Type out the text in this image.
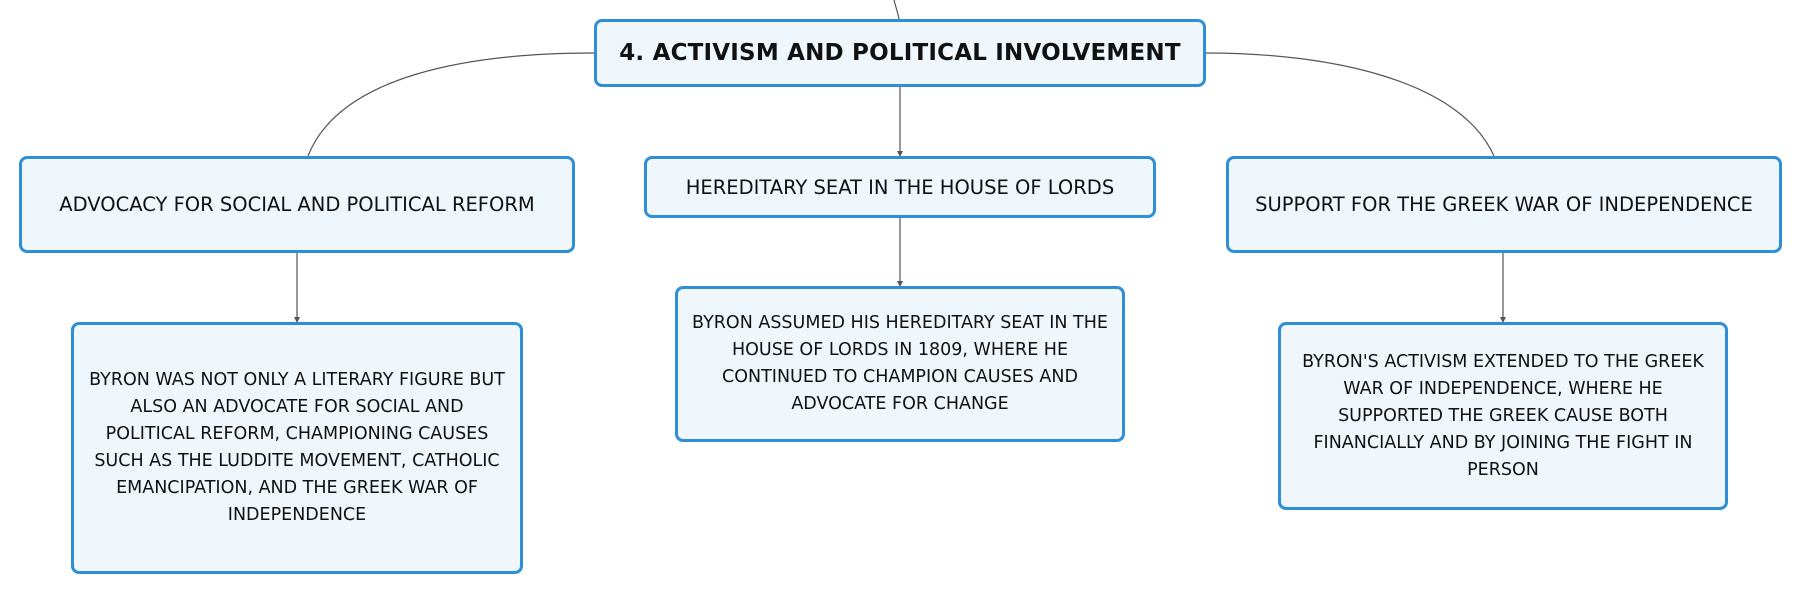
4. ACTIVISM AND POLITICAL INVOLVEMENT
ADVOCACY FOR SOCIAL AND POLITICAL REFORM
HEREDITARY SEAT IN THE HOUSE OF LORDS
SUPPORT FOR THE GREEK WAR OF INDEPENDENCE
BYRON WAS NOT ONLY A LITERARY FIGURE BUT ALSO AN ADVOCATE FOR SOCIAL AND POLITICAL REFORM, CHAMPIONING CAUSES SUCH AS THE LUDDITE MOVEMENT, CATHOLIC EMANCIPATION, AND THE GREEK WAR OF INDEPENDENCE
BYRON ASSUMED HIS HEREDITARY SEAT IN THE HOUSE OF LORDS IN 1809, WHERE HE CONTINUED TO CHAMPION CAUSES AND ADVOCATE FOR CHANGE
BYRON'S ACTIVISM EXTENDED TO THE GREEK WAR OF INDEPENDENCE, WHERE HE SUPPORTED THE GREEK CAUSE BOTH FINANCIALLY AND BY JOINING THE FIGHT IN PERSON
